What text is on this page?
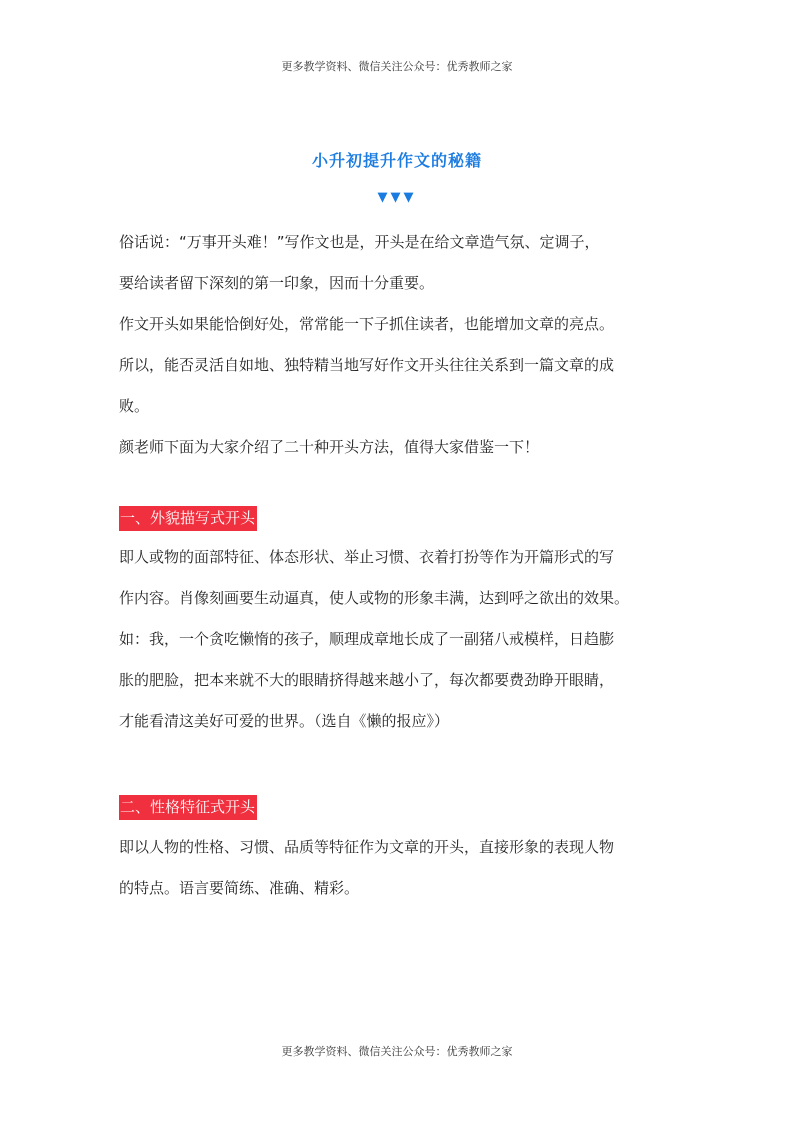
更多教学资料、微信关注公众号：优秀教师之家
小升初提升作文的秘籍
▼▼▼
俗话说：“万事开头难！”写作文也是，开头是在给文章造气氛、定调子，
要给读者留下深刻的第一印象，因而十分重要。
作文开头如果能恰倒好处，常常能一下子抓住读者，也能增加文章的亮点。
所以，能否灵活自如地、独特精当地写好作文开头往往关系到一篇文章的成
败。
颜老师下面为大家介绍了二十种开头方法，值得大家借鉴一下！
一、外貌描写式开头
即人或物的面部特征、体态形状、举止习惯、衣着打扮等作为开篇形式的写
作内容。肖像刻画要生动逼真，使人或物的形象丰满，达到呼之欲出的效果。
如：我，一个贪吃懒惰的孩子，顺理成章地长成了一副猪八戒模样，日趋膨
胀的肥脸，把本来就不大的眼睛挤得越来越小了，每次都要费劲睁开眼睛，
才能看清这美好可爱的世界。（选自《懒的报应》）
二、性格特征式开头
即以人物的性格、习惯、品质等特征作为文章的开头，直接形象的表现人物
的特点。语言要简练、准确、精彩。
更多教学资料、微信关注公众号：优秀教师之家
